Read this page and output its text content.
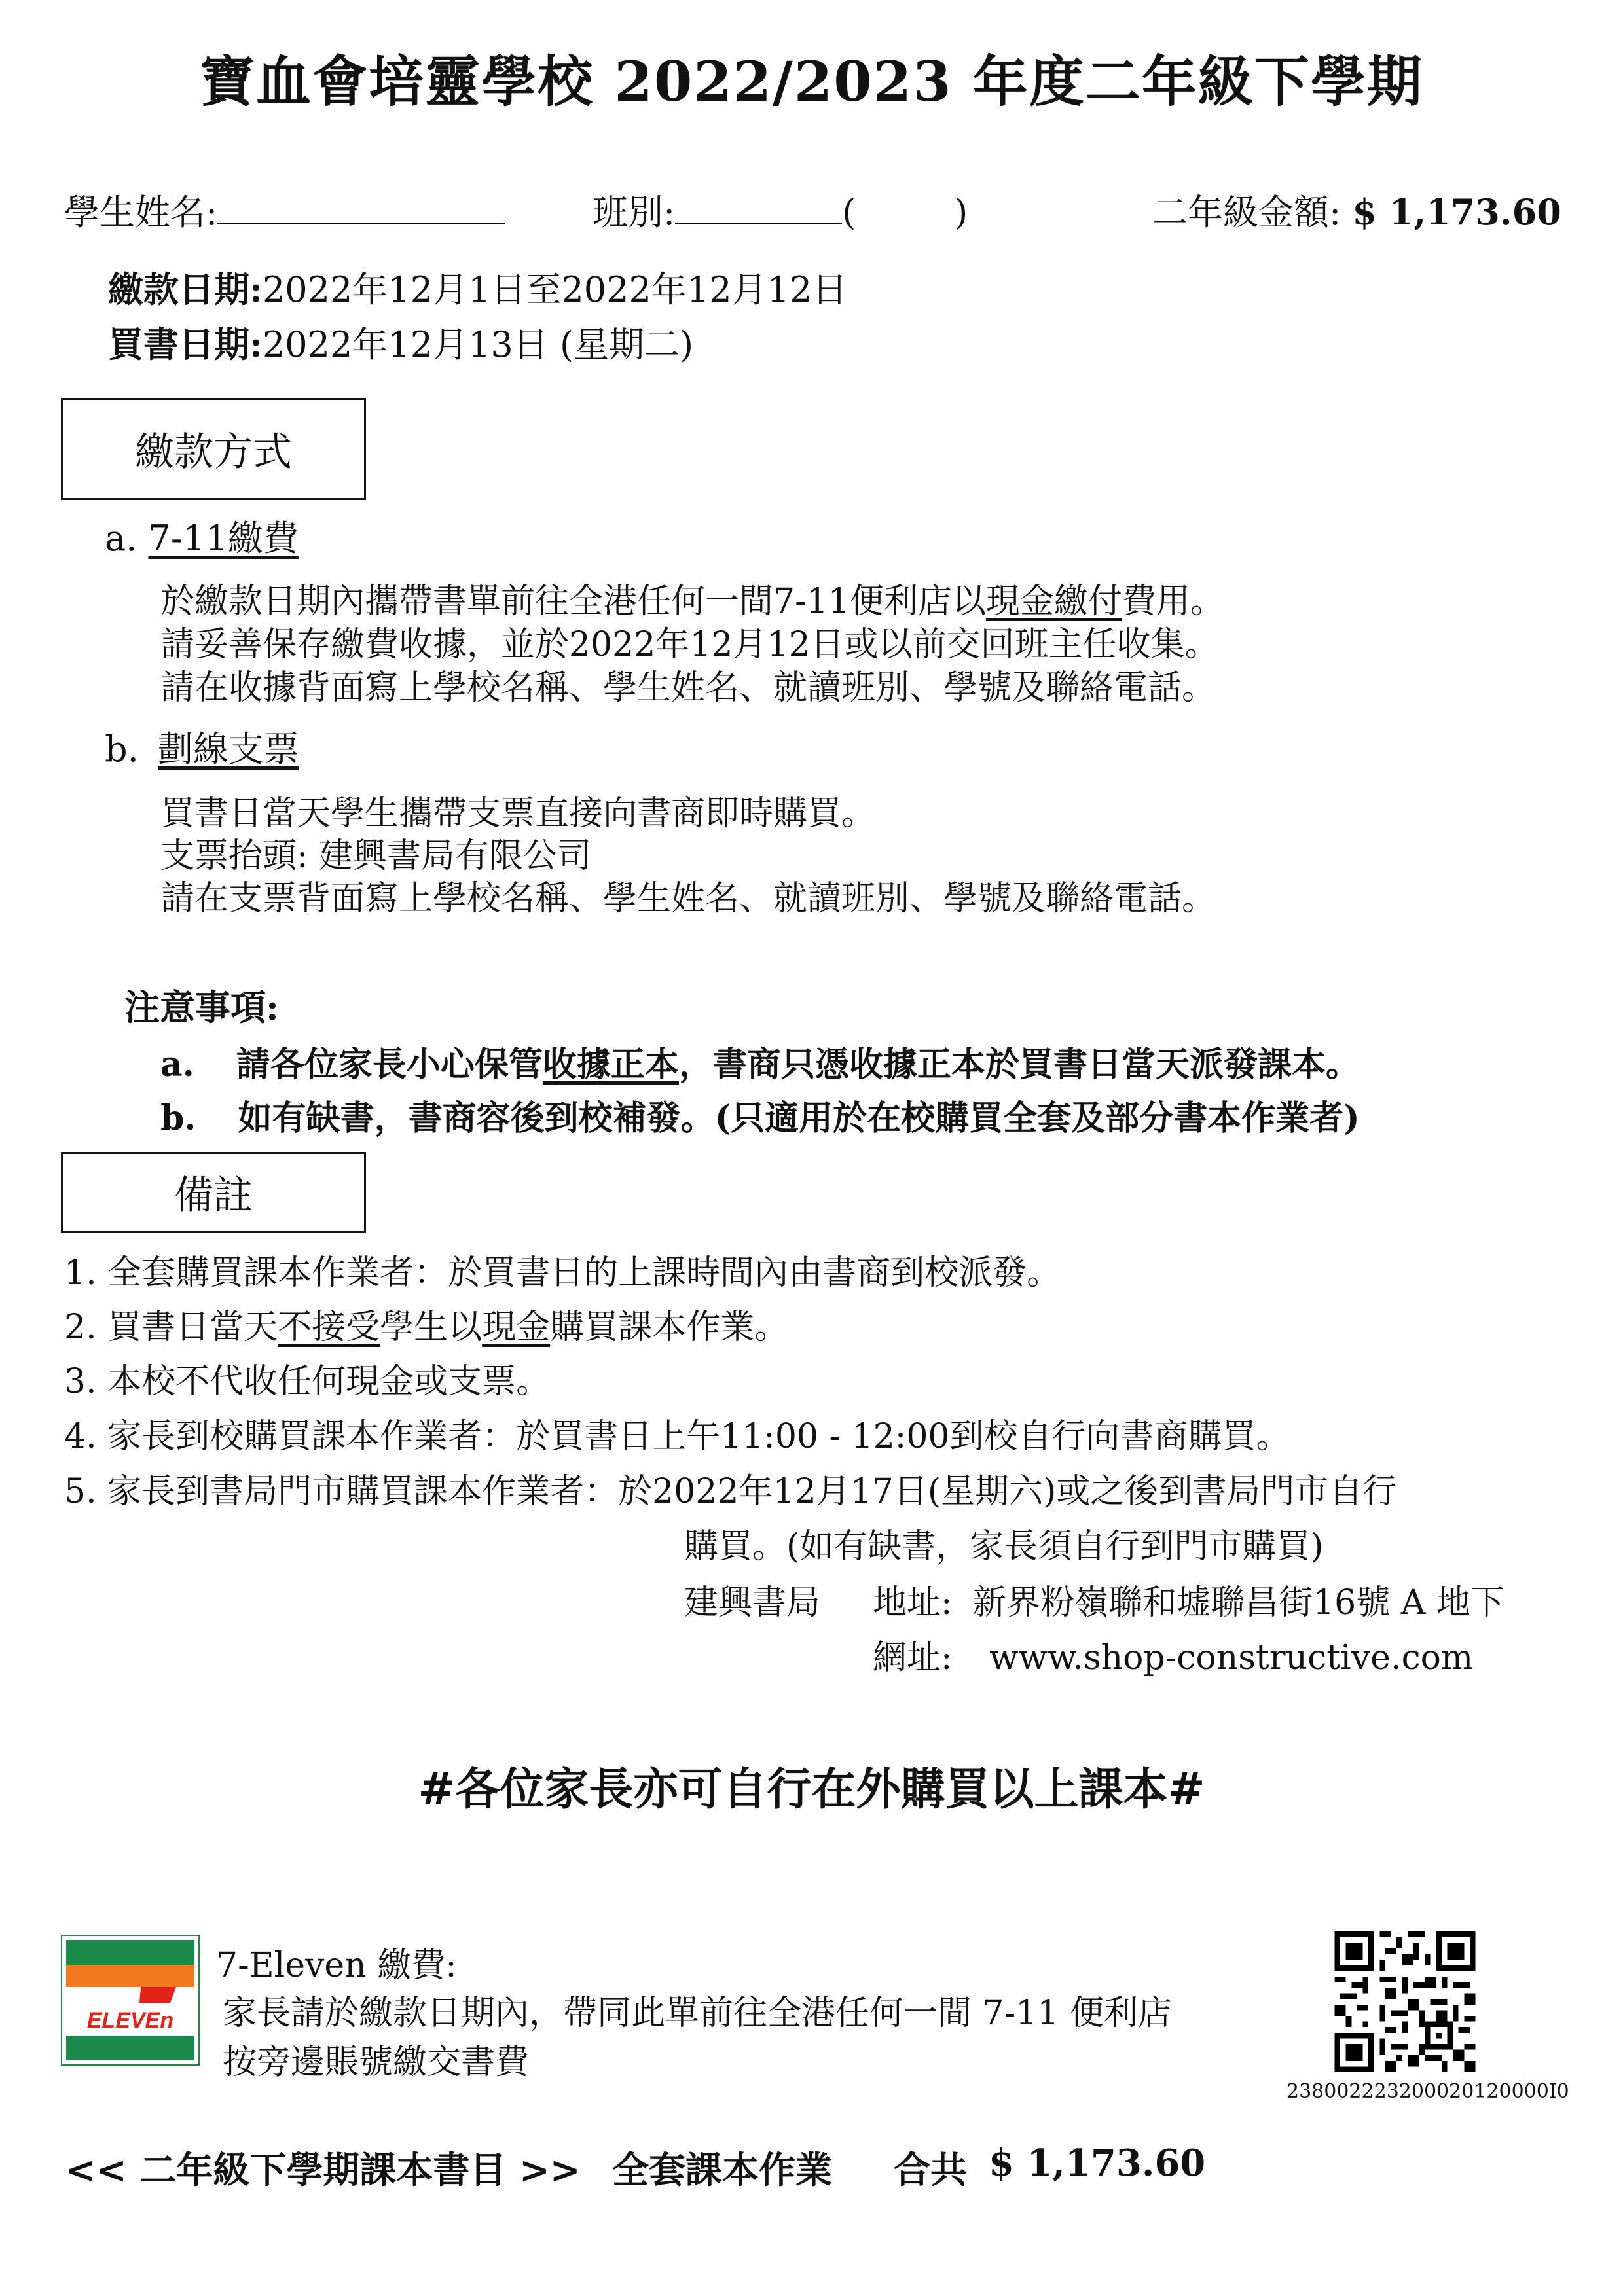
寶血會培靈學校 2022/2023 年度二年級下學期
學生姓名:	班別:	(	)	二年級金額: $ 1,173.60
繳款日期:2022年12月1日至2022年12月12日
買書日期:2022年12月13日 (星期二)
繳款方式
a. 7-11繳費
於繳款日期內攜帶書單前往全港任何一間7-11便利店以現金繳付費用。
請妥善保存繳費收據，並於2022年12月12日或以前交回班主任收集。
請在收據背面寫上學校名稱、學生姓名、就讀班別、學號及聯絡電話。
b. 劃線支票
買書日當天學生攜帶支票直接向書商即時購買。
支票抬頭: 建興書局有限公司
請在支票背面寫上學校名稱、學生姓名、就讀班別、學號及聯絡電話。
注意事項:
a. 請各位家長小心保管收據正本，書商只憑收據正本於買書日當天派發課本。
b. 如有缺書，書商容後到校補發。(只適用於在校購買全套及部分書本作業者)
備註
1. 全套購買課本作業者：於買書日的上課時間內由書商到校派發。
2. 買書日當天不接受學生以現金購買課本作業。
3. 本校不代收任何現金或支票。
4. 家長到校購買課本作業者：於買書日上午11:00 - 12:00到校自行向書商購買。
5. 家長到書局門市購買課本作業者：於2022年12月17日(星期六)或之後到書局門市自行
購買。(如有缺書，家長須自行到門市購買)
建興書局 地址: 新界粉嶺聯和墟聯昌街16號 A 地下
網址: www.shop-constructive.com
#各位家長亦可自行在外購買以上課本#
ELEVEn
7-Eleven 繳費:
家長請於繳款日期內，帶同此單前往全港任何一間 7-11 便利店
按旁邊賬號繳交書費
238002223200020120000I0
<< 二年級下學期課本書目 >> 全套課本作業 合共 $ 1,173.60
